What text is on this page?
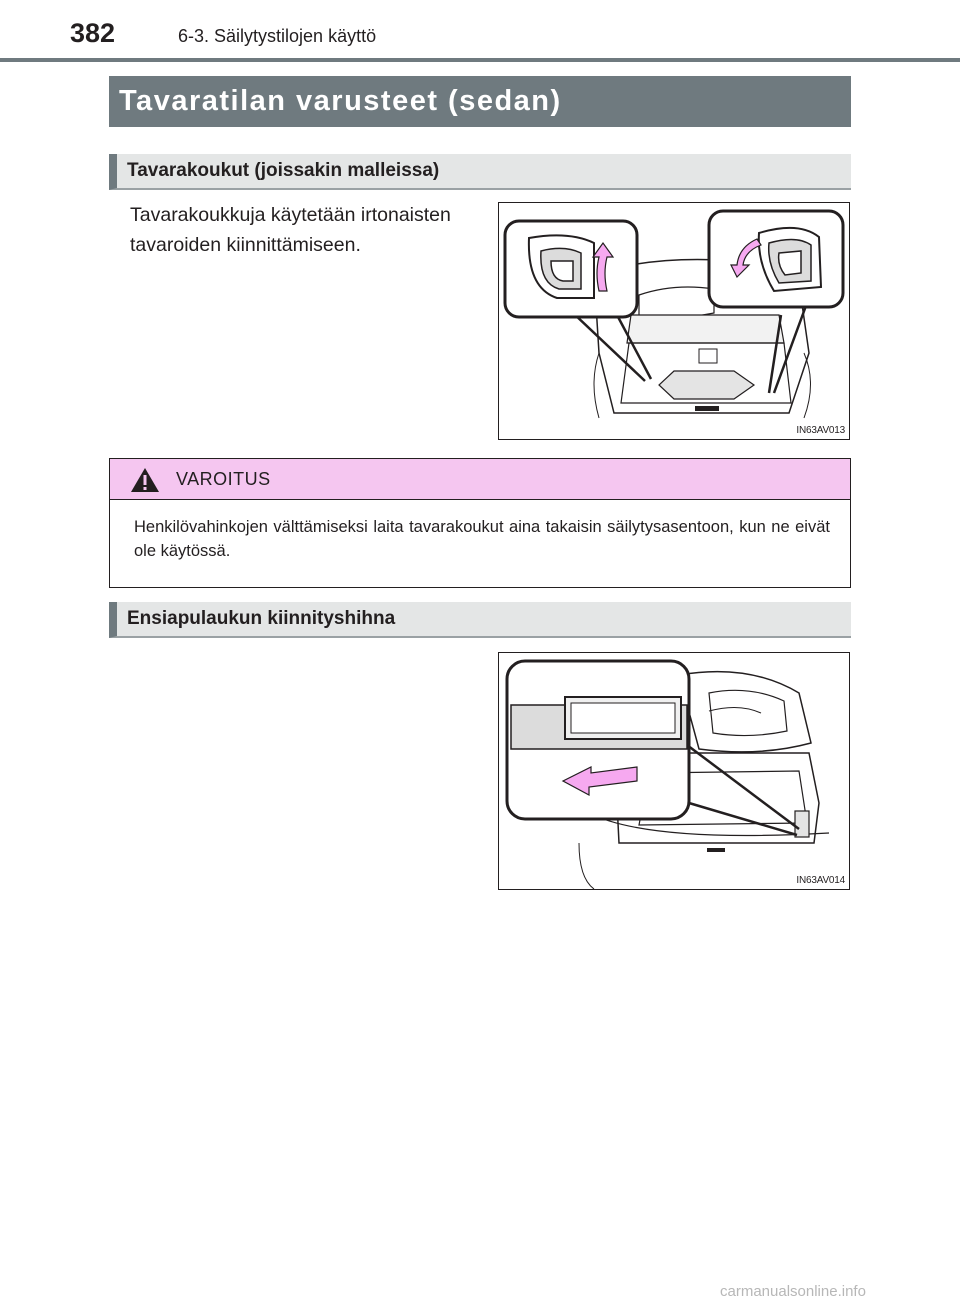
382	6-3. Säilytystilojen käyttö
Tavaratilan varusteet (sedan)
Tavarakoukut (joissakin malleissa)
Tavarakoukkuja käytetään irtonaisten tavaroiden kiinnittämiseen.
IN63AV013
VAROITUS
Henkilövahinkojen välttämiseksi laita tavarakoukut aina takaisin säilytysasentoon, kun ne eivät ole käytössä.
Ensiapulaukun kiinnityshihna
IN63AV014
carmanualsonline.info
